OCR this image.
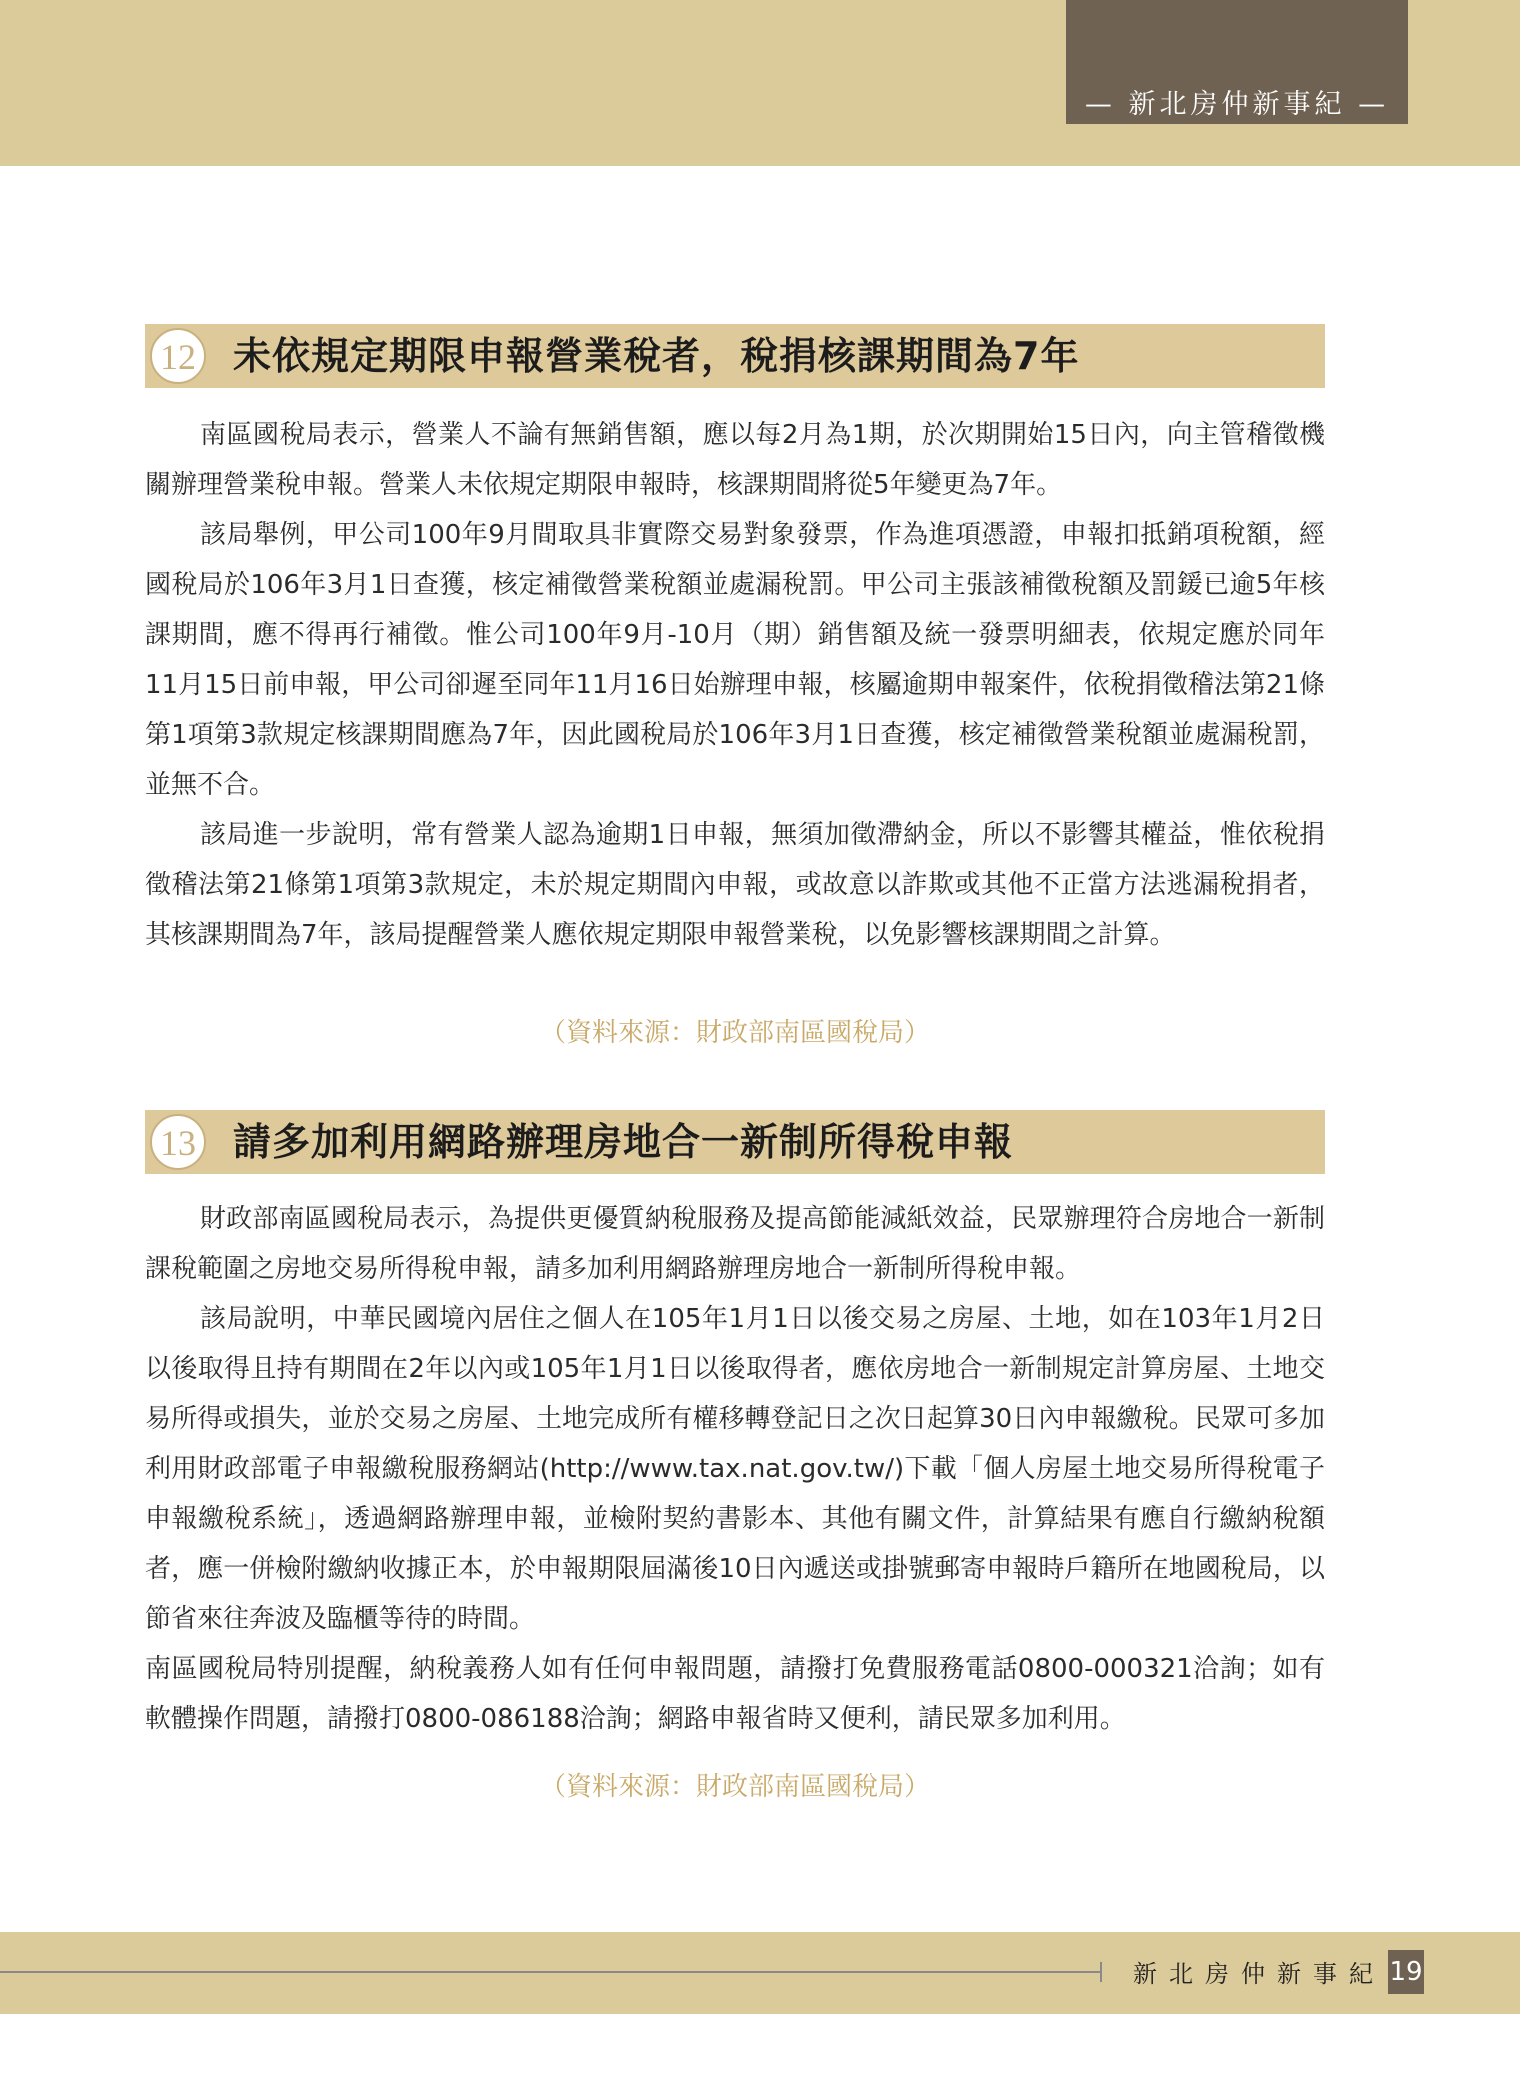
— 新北房仲新事紀 —
12 未依規定期限申報營業稅者，稅捐核課期間為7年

南區國稅局表示，營業人不論有無銷售額，應以每2月為1期，於次期開始15日內，向主管稽徵機關辦理營業稅申報。營業人未依規定期限申報時，核課期間將從5年變更為7年。

該局舉例，甲公司100年9月間取具非實際交易對象發票，作為進項憑證，申報扣抵銷項稅額，經國稅局於106年3月1日查獲，核定補徵營業稅額並處漏稅罰。甲公司主張該補徵稅額及罰鍰已逾5年核課期間，應不得再行補徵。惟公司100年9月-10月（期）銷售額及統一發票明細表，依規定應於同年11月15日前申報，甲公司卻遲至同年11月16日始辦理申報，核屬逾期申報案件，依稅捐徵稽法第21條第1項第3款規定核課期間應為7年，因此國稅局於106年3月1日查獲，核定補徵營業稅額並處漏稅罰，並無不合。

該局進一步說明，常有營業人認為逾期1日申報，無須加徵滯納金，所以不影響其權益，惟依稅捐徵稽法第21條第1項第3款規定，未於規定期間內申報，或故意以詐欺或其他不正當方法逃漏稅捐者，其核課期間為7年，該局提醒營業人應依規定期限申報營業稅，以免影響核課期間之計算。

（資料來源：財政部南區國稅局）
13 請多加利用網路辦理房地合一新制所得稅申報

財政部南區國稅局表示，為提供更優質納稅服務及提高節能減紙效益，民眾辦理符合房地合一新制課稅範圍之房地交易所得稅申報，請多加利用網路辦理房地合一新制所得稅申報。

該局說明，中華民國境內居住之個人在105年1月1日以後交易之房屋、土地，如在103年1月2日以後取得且持有期間在2年以內或105年1月1日以後取得者，應依房地合一新制規定計算房屋、土地交易所得或損失，並於交易之房屋、土地完成所有權移轉登記日之次日起算30日內申報繳稅。民眾可多加利用財政部電子申報繳稅服務網站(http://www.tax.nat.gov.tw/)下載「個人房屋土地交易所得稅電子申報繳稅系統」，透過網路辦理申報，並檢附契約書影本、其他有關文件，計算結果有應自行繳納稅額者，應一併檢附繳納收據正本，於申報期限屆滿後10日內遞送或掛號郵寄申報時戶籍所在地國稅局，以節省來往奔波及臨櫃等待的時間。

南區國稅局特別提醒，納稅義務人如有任何申報問題，請撥打免費服務電話0800-000321洽詢；如有軟體操作問題，請撥打0800-086188洽詢；網路申報省時又便利，請民眾多加利用。

（資料來源：財政部南區國稅局）
新北房仲新事紀 19
